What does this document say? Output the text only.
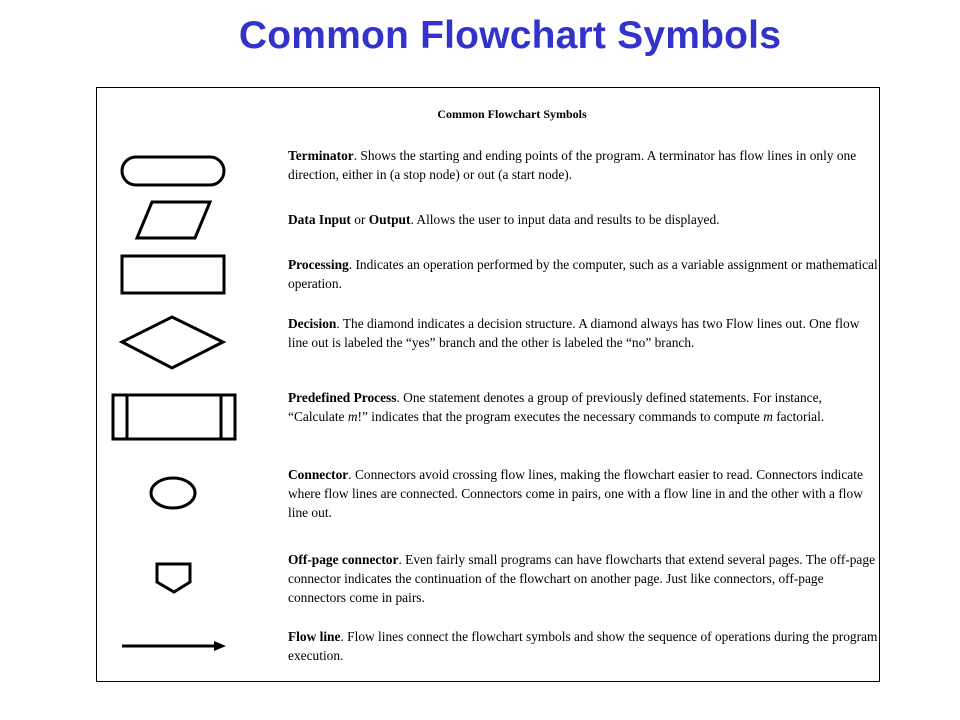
Common Flowchart Symbols

Common Flowchart Symbols

Terminator. Shows the starting and ending points of the program. A terminator has flow lines in only one direction, either in (a stop node) or out (a start node).

Data Input or Output. Allows the user to input data and results to be displayed.

Processing. Indicates an operation performed by the computer, such as a variable assignment or mathematical operation.

Decision. The diamond indicates a decision structure. A diamond always has two Flow lines out. One flow line out is labeled the “yes” branch and the other is labeled the “no” branch.

Predefined Process. One statement denotes a group of previously defined statements. For instance, “Calculate m!” indicates that the program executes the necessary commands to compute m factorial.

Connector. Connectors avoid crossing flow lines, making the flowchart easier to read. Connectors indicate where flow lines are connected. Connectors come in pairs, one with a flow line in and the other with a flow line out.

Off-page connector. Even fairly small programs can have flowcharts that extend several pages. The off-page connector indicates the continuation of the flowchart on another page. Just like connectors, off-page connectors come in pairs.

Flow line. Flow lines connect the flowchart symbols and show the sequence of operations during the program execution.
